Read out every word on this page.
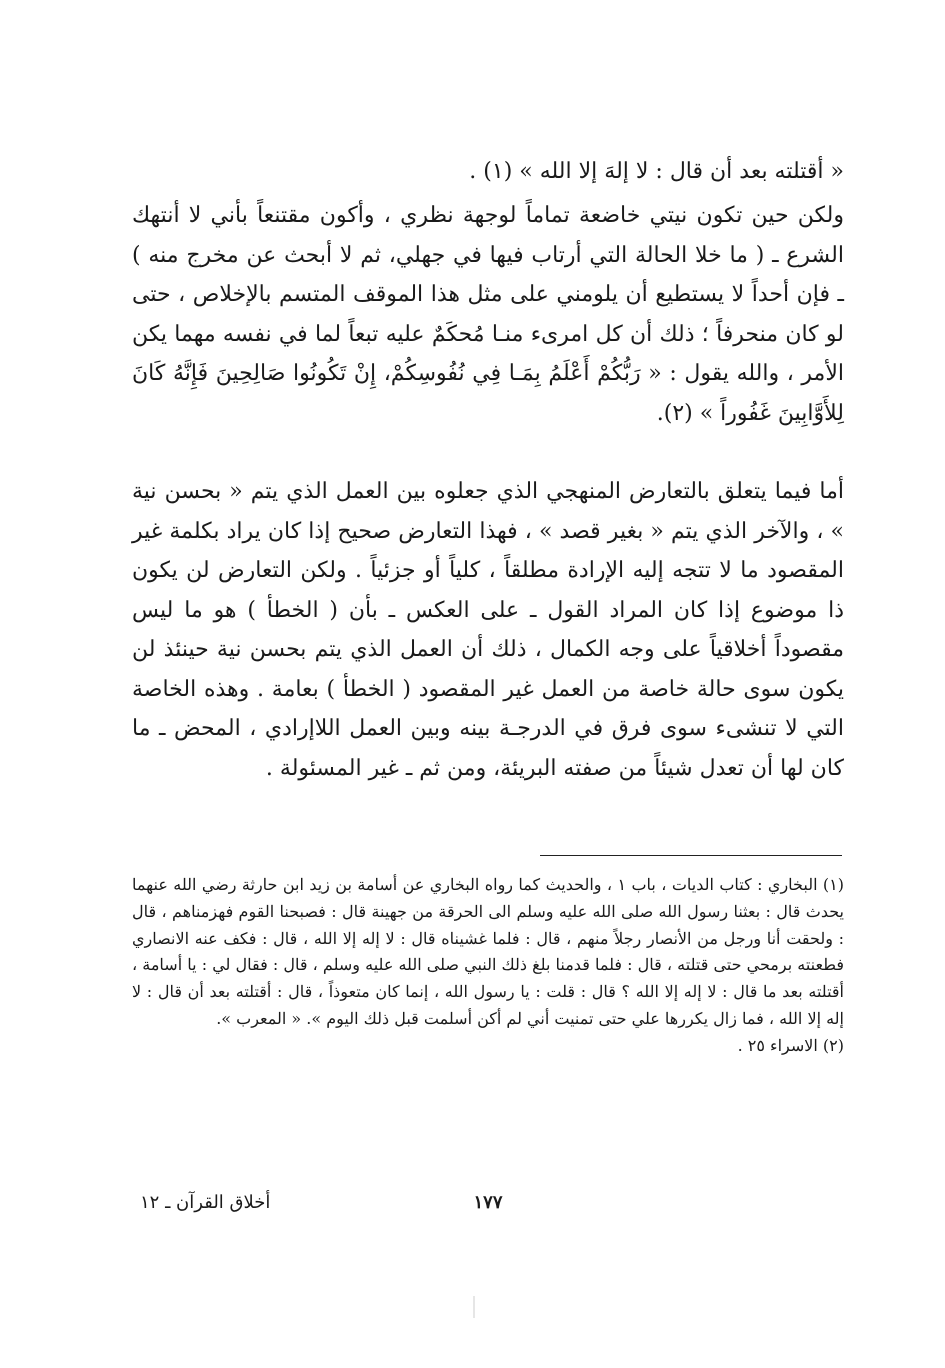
« أقتلته بعد أن قال : لا إلهَ إلا الله » (١) .
ولكن حين تكون نيتي خاضعة تماماً لوجهة نظري ، وأكون مقتنعاً بأني لا أنتهك الشرع ـ ( ما خلا الحالة التي أرتاب فيها في جهلي، ثم لا أبحث عن مخرج منه ) ـ فإن أحداً لا يستطيع أن يلومني على مثل هذا الموقف المتسم بالإخلاص ، حتى لو كان منحرفاً ؛ ذلك أن كل امرىء منـا مُحكَمٌ عليه تبعاً لما في نفسه مهما يكن الأمر ، والله يقول : « رَبُّكُمْ أَعْلَمُ بِمَـا فِي نُفُوسِكُمْ، إِنْ تَكُونُوا صَالِحِينَ فَإِنَّهُ كَانَ لِلأَوَّابِينَ غَفُوراً » (٢).
أما فيما يتعلق بالتعارض المنهجي الذي جعلوه بين العمل الذي يتم « بحسن نية » ، والآخر الذي يتم « بغير قصد » ، فهذا التعارض صحيح إذا كان يراد بكلمة غير المقصود ما لا تتجه إليه الإرادة مطلقاً ، كلياً أو جزئياً . ولكن التعارض لن يكون ذا موضوع إذا كان المراد القول ـ على العكس ـ بأن ( الخطأ ) هو ما ليس مقصوداً أخلاقياً على وجه الكمال ، ذلك أن العمل الذي يتم بحسن نية حينئذ لن يكون سوى حالة خاصة من العمل غير المقصود ( الخطأ ) بعامة . وهذه الخاصة التي لا تنشىء سوى فرق في الدرجـة بينه وبين العمل اللاإرادي ، المحض ـ ما كان لها أن تعدل شيئاً من صفته البريئة، ومن ثم ـ غير المسئولة .

(١) البخاري : كتاب الديات ، باب ١ ، والحديث كما رواه البخاري عن أسامة بن زيد ابن حارثة رضي الله عنهما يحدث قال : بعثنا رسول الله صلى الله عليه وسلم الى الحرقة من جهينة قال : فصبحنا القوم فهزمناهم ، قال : ولحقت أنا ورجل من الأنصار رجلاً منهم ، قال : فلما غشيناه قال : لا إله إلا الله ، قال : فكف عنه الانصاري فطعنته برمحي حتى قتلته ، قال : فلما قدمنا بلغ ذلك النبي صلى الله عليه وسلم ، قال : فقال لي : يا أسامة ، أقتلته بعد ما قال : لا إله إلا الله ؟ قال : قلت : يا رسول الله ، إنما كان متعوذاً ، قال : أقتلته بعد أن قال : لا إله إلا الله ، فما زال يكررها علي حتى تمنيت أني لم أكن أسلمت قبل ذلك اليوم ». « المعرب ».

(٢) الاسراء ٢٥ .

١٧٧
أخلاق القرآن ـ ١٢
